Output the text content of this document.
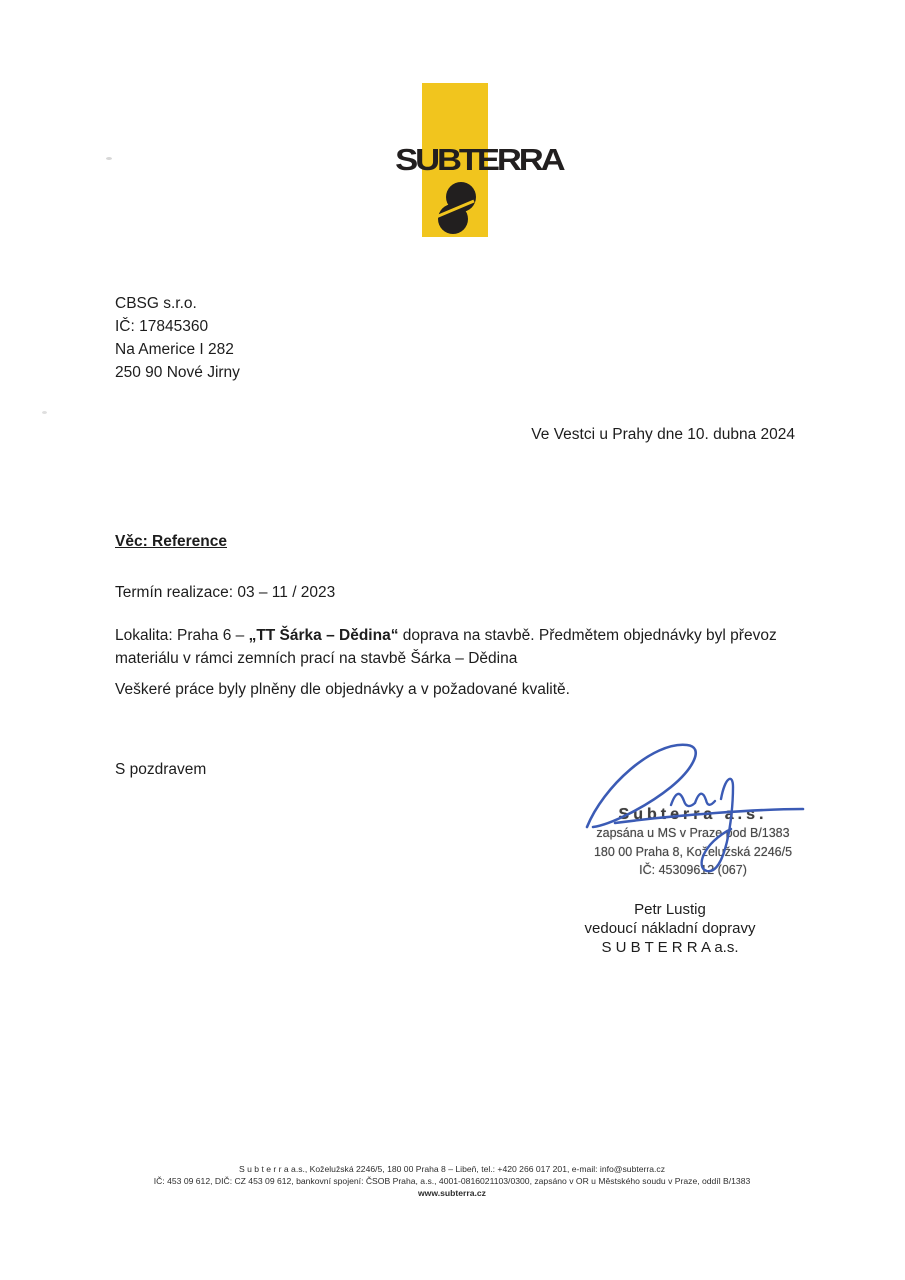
SUBTERRA
CBSG s.r.o.
IČ: 17845360
Na Americe I 282
250 90 Nové Jirny
Ve Vestci u Prahy dne 10. dubna 2024
Věc: Reference
Termín realizace: 03 – 11 / 2023
Lokalita: Praha 6 – „TT Šárka – Dědina“ doprava na stavbě. Předmětem objednávky byl převoz materiálu v rámci zemních prací na stavbě Šárka – Dědina
Veškeré práce byly plněny dle objednávky a v požadované kvalitě.
S pozdravem
Subterra a.s.
zapsána u MS v Praze pod B/1383
180 00 Praha 8, Koželužská 2246/5
IČ: 45309612 (067)
Petr Lustig
vedoucí nákladní dopravy
S U B T E R R A a.s.
S u b t e r r a a.s., Koželužská 2246/5, 180 00 Praha 8 – Libeň, tel.: +420 266 017 201, e-mail: info@subterra.cz
IČ: 453 09 612, DIČ: CZ 453 09 612, bankovní spojení: ČSOB Praha, a.s., 4001-0816021103/0300, zapsáno v OR u Městského soudu v Praze, oddíl B/1383
www.subterra.cz
